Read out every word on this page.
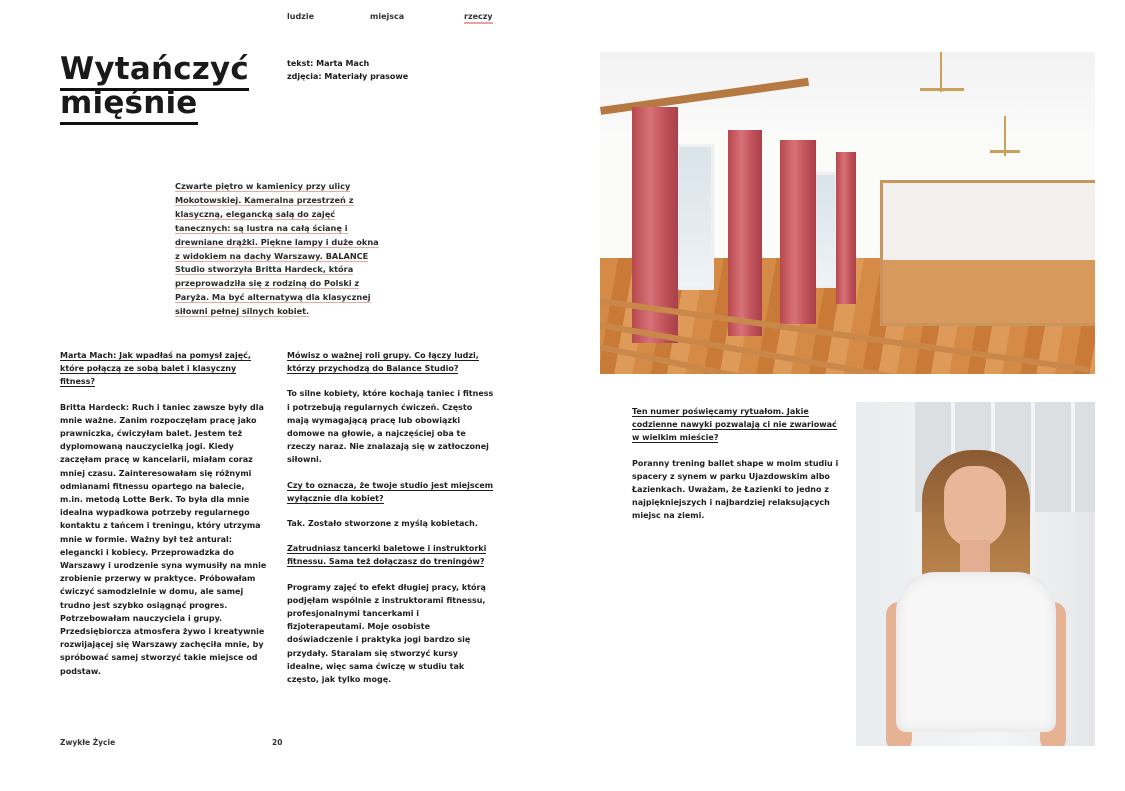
ludzie	miejsca	rzeczy
Wytańczyć
mięśnie
tekst: Marta Mach
zdjęcia: Materiały prasowe
Czwarte piętro w kamienicy przy ulicy Mokotowskiej. Kameralna przestrzeń z klasyczną, elegancką salą do zajęć tanecznych: są lustra na całą ścianę i drewniane drążki. Piękne lampy i duże okna z widokiem na dachy Warszawy. BALANCE Studio stworzyła Britta Hardeck, która przeprowadziła się z rodziną do Polski z Paryża. Ma być alternatywą dla klasycznej siłowni pełnej silnych kobiet.

Marta Mach: Jak wpadłaś na pomysł zajęć, które połączą ze sobą balet i klasyczny fitness?

Britta Hardeck: Ruch i taniec zawsze były dla mnie ważne. Zanim rozpoczęłam pracę jako prawniczka, ćwiczyłam balet. Jestem też dyplomowaną nauczycielką jogi. Kiedy zaczęłam pracę w kancelarii, miałam coraz mniej czasu. Zainteresowałam się różnymi odmianami fitnessu opartego na balecie, m.in. metodą Lotte Berk. To była dla mnie idealna wypadkowa potrzeby regularnego kontaktu z tańcem i treningu, który utrzyma mnie w formie. Ważny był też antural: elegancki i kobiecy. Przeprowadzka do Warszawy i urodzenie syna wymusiły na mnie zrobienie przerwy w praktyce. Próbowałam ćwiczyć samodzielnie w domu, ale samej trudno jest szybko osiągnąć progres. Potrzebowałam nauczyciela i grupy. Przedsiębiorcza atmosfera żywo i kreatywnie rozwijającej się Warszawy zachęciła mnie, by spróbować samej stworzyć takie miejsce od podstaw.

Mówisz o ważnej roli grupy. Co łączy ludzi, którzy przychodzą do Balance Studio?

To silne kobiety, które kochają taniec i fitness i potrzebują regularnych ćwiczeń. Często mają wymagającą pracę lub obowiązki domowe na głowie, a najczęściej oba te rzeczy naraz. Nie znalazają się w zatłoczonej siłowni.

Czy to oznacza, że twoje studio jest miejscem wyłącznie dla kobiet?

Tak. Zostało stworzone z myślą kobietach.

Zatrudniasz tancerki baletowe i instruktorki fitnessu. Sama też dołączasz do treningów?

Programy zajęć to efekt długiej pracy, którą podjęłam wspólnie z instruktorami fitnessu, profesjonalnymi tancerkami i fizjoterapeutami. Moje osobiste doświadczenie i praktyka jogi bardzo się przydały. Staralam się stworzyć kursy idealne, więc sama ćwiczę w studiu tak często, jak tylko mogę.

Ten numer poświęcamy rytuałom. Jakie codzienne nawyki pozwalają ci nie zwariować w wielkim mieście?

Poranny trening ballet shape w moim studiu i spacery z synem w parku Ujazdowskim albo Łazienkach. Uważam, że Łazienki to jedno z najpiękniejszych i najbardziej relaksujących miejsc na ziemi.

Zwykłe Życie	20
